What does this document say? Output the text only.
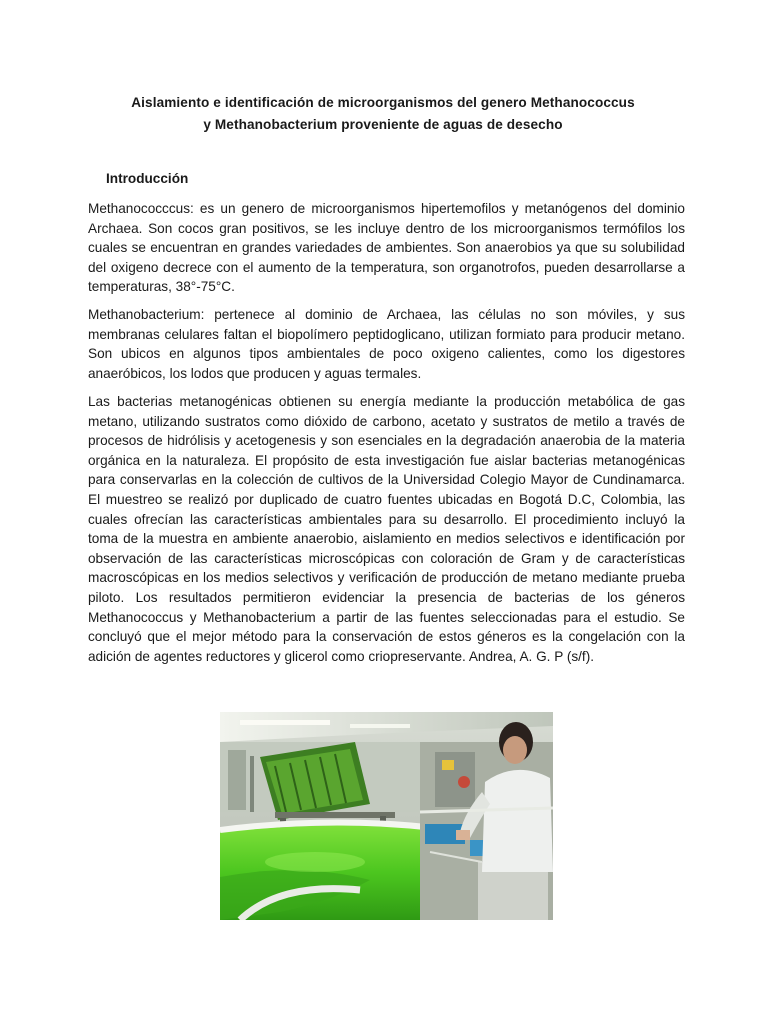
Aislamiento e identificación de microorganismos del genero Methanococcus
y Methanobacterium proveniente de aguas de desecho
Introducción

Methanococccus: es un genero de microorganismos hipertemofilos y metanógenos del dominio Archaea. Son cocos gran positivos, se les incluye dentro de los microorganismos termófilos los cuales se encuentran en grandes variedades de ambientes. Son anaerobios ya que su solubilidad del oxigeno decrece con el aumento de la temperatura, son organotrofos, pueden desarrollarse a temperaturas, 38°-75°C.

Methanobacterium: pertenece al dominio de Archaea, las células no son móviles, y sus membranas celulares faltan el biopolímero peptidoglicano, utilizan formiato para producir metano. Son ubicos en algunos tipos ambientales de poco oxigeno calientes, como los digestores anaeróbicos, los lodos que producen y aguas termales.

Las bacterias metanogénicas obtienen su energía mediante la producción metabólica de gas metano, utilizando sustratos como dióxido de carbono, acetato y sustratos de metilo a través de procesos de hidrólisis y acetogenesis y son esenciales en la degradación anaerobia de la materia orgánica en la naturaleza. El propósito de esta investigación fue aislar bacterias metanogénicas para conservarlas en la colección de cultivos de la Universidad Colegio Mayor de Cundinamarca. El muestreo se realizó por duplicado de cuatro fuentes ubicadas en Bogotá D.C, Colombia, las cuales ofrecían las características ambientales para su desarrollo. El procedimiento incluyó la toma de la muestra en ambiente anaerobio, aislamiento en medios selectivos e identificación por observación de las características microscópicas con coloración de Gram y de características macroscópicas en los medios selectivos y verificación de producción de metano mediante prueba piloto. Los resultados permitieron evidenciar la presencia de bacterias de los géneros Methanococcus y Methanobacterium a partir de las fuentes seleccionadas para el estudio. Se concluyó que el mejor método para la conservación de estos géneros es la congelación con la adición de agentes reductores y glicerol como criopreservante. Andrea, A. G. P (s/f).
